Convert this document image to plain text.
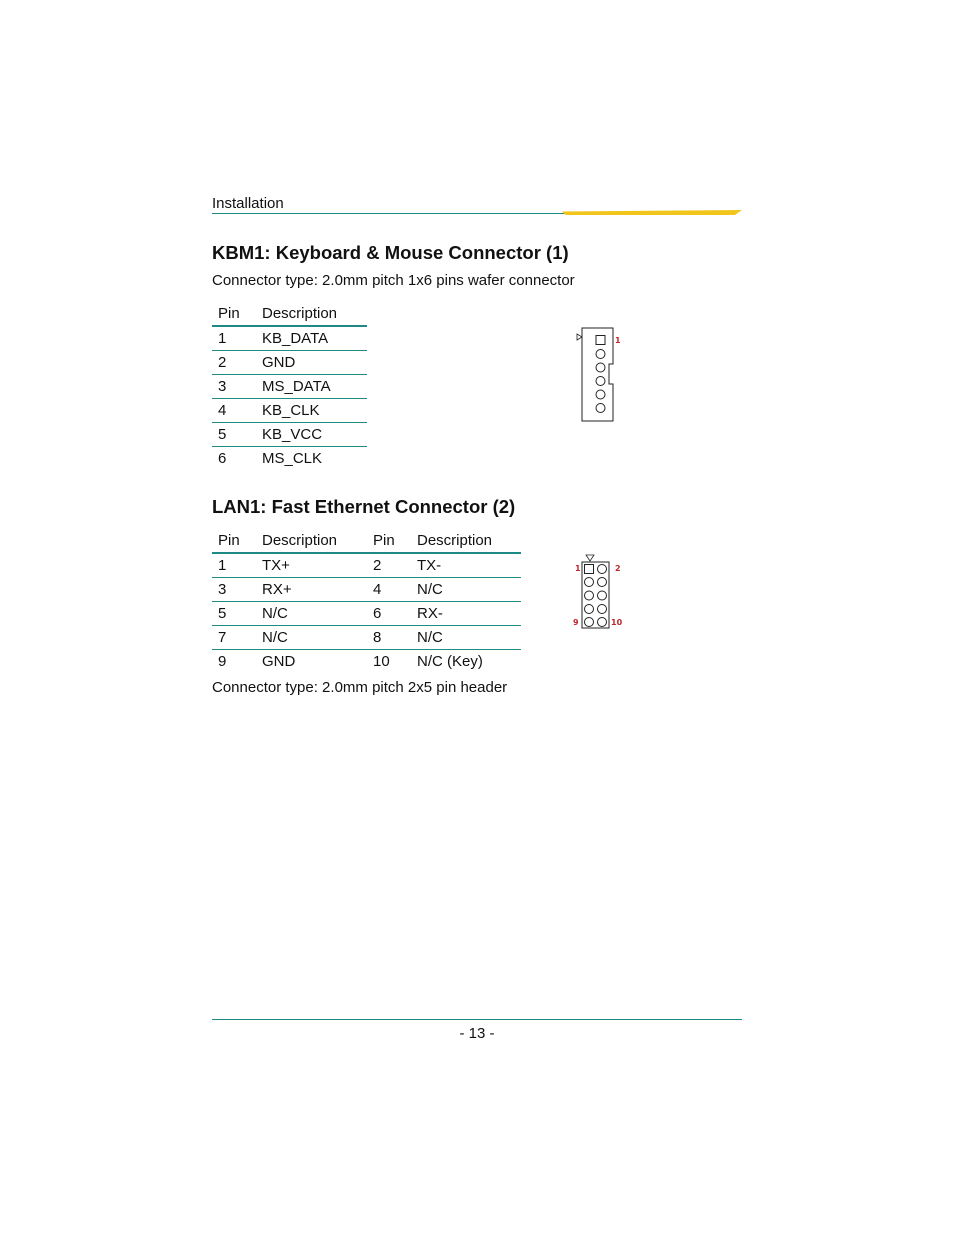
Installation
KBM1: Keyboard & Mouse Connector (1)

Connector type: 2.0mm pitch 1x6 pins wafer connector

Pin	Description
1	KB_DATA
2	GND
3	MS_DATA
4	KB_CLK
5	KB_VCC
6	MS_CLK
1
LAN1: Fast Ethernet Connector (2)
Pin	Description	Pin	Description
1	TX+	2	TX-
3	RX+	4	N/C
5	N/C	6	RX-
7	N/C	8	N/C
9	GND	10	N/C (Key)

Connector type: 2.0mm pitch 2x5 pin header

1	2
9	10
- 13 -
